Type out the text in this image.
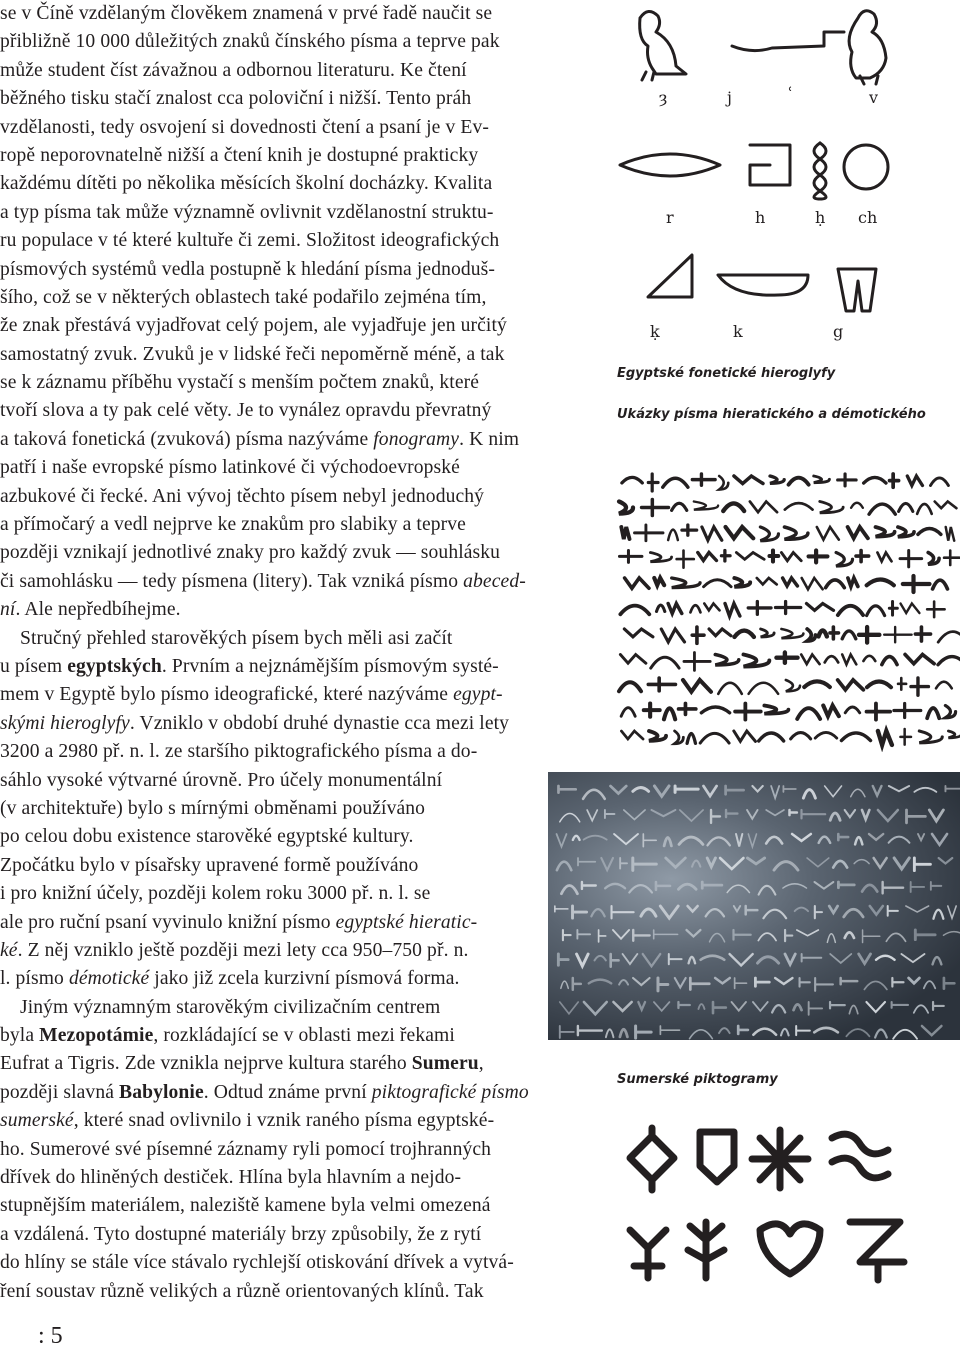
se v Číně vzdělaným člověkem znamená v prvé řadě naučit se
přibližně 10 000 důležitých znaků čínského písma a teprve pak
může student číst závažnou a odbornou literaturu. Ke čtení
běžného tisku stačí znalost cca poloviční i nižší. Tento práh
vzdělanosti, tedy osvojení si dovednosti čtení a psaní je v Ev-
ropě neporovnatelně nižší a čtení knih je dostupné prakticky
každému dítěti po několika měsících školní docházky. Kvalita
a typ písma tak může významně ovlivnit vzdělanostní struktu-
ru populace v té které kultuře či zemi. Složitost ideografických
písmových systémů vedla postupně k hledání písma jednoduš-
šího, což se v některých oblastech také podařilo zejména tím,
že znak přestává vyjadřovat celý pojem, ale vyjadřuje jen určitý
samostatný zvuk. Zvuků je v lidské řeči nepoměrně méně, a tak
se k záznamu příběhu vystačí s menším počtem znaků, které
tvoří slova a ty pak celé věty. Je to vynález opravdu převratný
a taková fonetická (zvuková) písma nazýváme fonogramy. K nim
patří i naše evropské písmo latinkové či východoevropské
azbukové či řecké. Ani vývoj těchto písem nebyl jednoduchý
a přímočarý a vedl nejprve ke znakům pro slabiky a teprve
později vznikají jednotlivé znaky pro každý zvuk — souhlásku
či samohlásku — tedy písmena (litery). Tak vzniká písmo abeced-
ní. Ale nepředbíhejme.
Stručný přehled starověkých písem bych měli asi začít
u písem egyptských. Prvním a nejznámějším písmovým systé-
mem v Egyptě bylo písmo ideografické, které nazýváme egypt-
skými hieroglyfy. Vzniklo v období druhé dynastie cca mezi lety
3200 a 2980 př. n. l. ze staršího piktografického písma a do-
sáhlo vysoké výtvarné úrovně. Pro účely monumentální
(v architektuře) bylo s mírnými obměnami používáno
po celou dobu existence starověké egyptské kultury.
Zpočátku bylo v písařsky upravené formě používáno
i pro knižní účely, později kolem roku 3000 př. n. l. se
ale pro ruční psaní vyvinulo knižní písmo egyptské hieratic-
ké. Z něj vzniklo ještě později mezi lety cca 950–750 př. n.
l. písmo démotické jako již zcela kurzivní písmová forma.
Jiným významným starověkým civilizačním centrem
byla Mezopotámie, rozkládající se v oblasti mezi řekami
Eufrat a Tigris. Zde vznikla nejprve kultura starého Sumeru,
později slavná Babylonie. Odtud známe první piktografické písmo
sumerské, které snad ovlivnilo i vznik raného písma egyptské-
ho. Sumerové své písemné záznamy ryli pomocí trojhranných
dřívek do hliněných destiček. Hlína byla hlavním a nejdo-
stupnějším materiálem, naleziště kamene byla velmi omezená
a vzdálená. Tyto dostupné materiály brzy způsobily, že z rytí
do hlíny se stále více stávalo rychlejší otiskování dřívek a vytvá-
ření soustav různě velikých a různě orientovaných klínů. Tak
: 5
ȝ	j	ʿ	v
r	h	ḥ ch
ḳ	k	g
Egyptské fonetické hieroglyfy
Ukázky písma hieratického a démotického
Sumerské piktogramy
